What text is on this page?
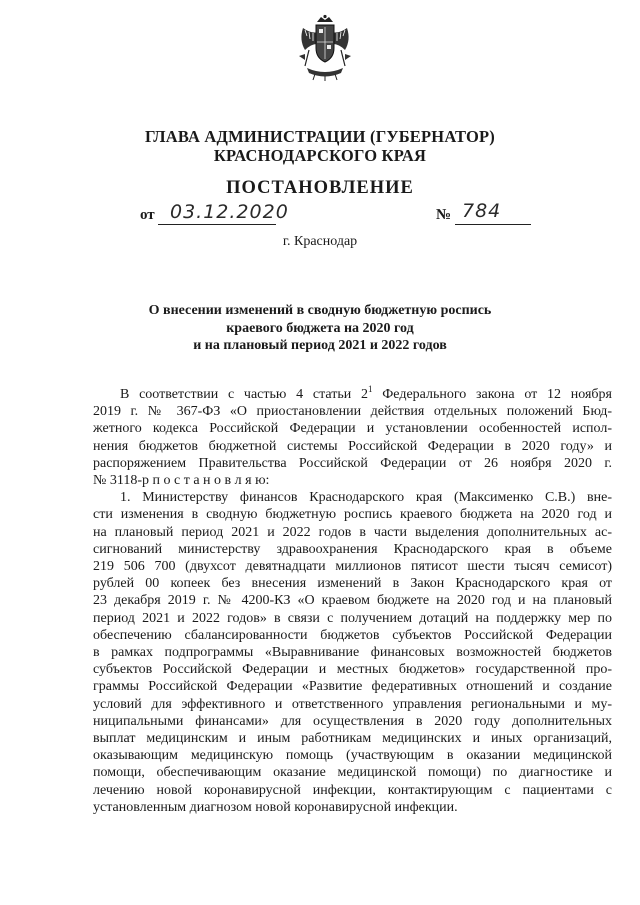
ГЛАВА АДМИНИСТРАЦИИ (ГУБЕРНАТОР)
КРАСНОДАРСКОГО КРАЯ
ПОСТАНОВЛЕНИЕ
от 03.12.2020	№ 784
г. Краснодар
О внесении изменений в сводную бюджетную роспись
краевого бюджета на 2020 год
и на плановый период 2021 и 2022 годов
В соответствии с частью 4 статьи $2^1$ Федерального закона от 12 ноября
2019 г. № 367-ФЗ «О приостановлении действия отдельных положений Бюд-
жетного кодекса Российской Федерации и установлении особенностей испол-
нения бюджетов бюджетной системы Российской Федерации в 2020 году» и
распоряжением Правительства Российской Федерации от 26 ноября 2020 г.
№ 3118-р п о с т а н о в л я ю:
1. Министерству финансов Краснодарского края (Максименко С.В.) вне-
сти изменения в сводную бюджетную роспись краевого бюджета на 2020 год и
на плановый период 2021 и 2022 годов в части выделения дополнительных ас-
сигнований министерству здравоохранения Краснодарского края в объеме
219 506 700 (двухсот девятнадцати миллионов пятисот шести тысяч семисот)
рублей 00 копеек без внесения изменений в Закон Краснодарского края от
23 декабря 2019 г. № 4200-КЗ «О краевом бюджете на 2020 год и на плановый
период 2021 и 2022 годов» в связи с получением дотаций на поддержку мер по
обеспечению сбалансированности бюджетов субъектов Российской Федерации
в рамках подпрограммы «Выравнивание финансовых возможностей бюджетов
субъектов Российской Федерации и местных бюджетов» государственной про-
граммы Российской Федерации «Развитие федеративных отношений и создание
условий для эффективного и ответственного управления региональными и му-
ниципальными финансами» для осуществления в 2020 году дополнительных
выплат медицинским и иным работникам медицинских и иных организаций,
оказывающим медицинскую помощь (участвующим в оказании медицинской
помощи, обеспечивающим оказание медицинской помощи) по диагностике и
лечению новой коронавирусной инфекции, контактирующим с пациентами с
установленным диагнозом новой коронавирусной инфекции.
